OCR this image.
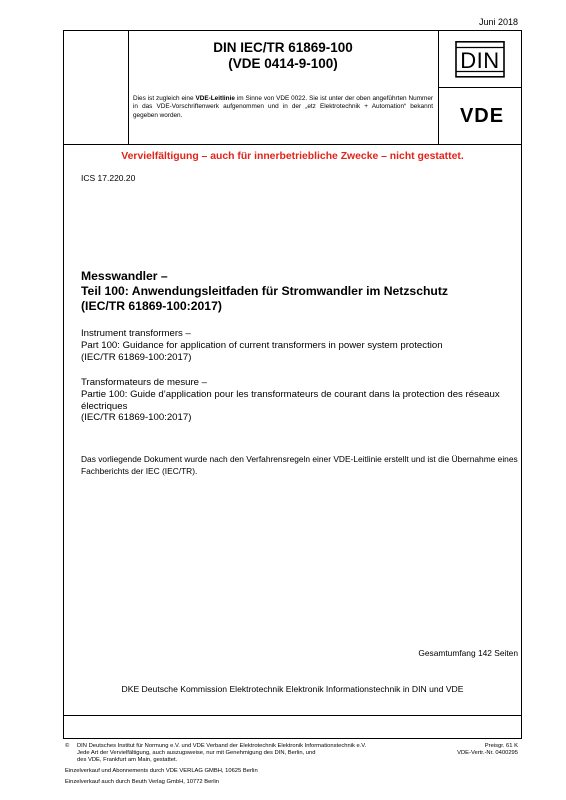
Juni 2018
DIN IEC/TR 61869-100
(VDE 0414-9-100)	DIN
VDE
Dies ist zugleich eine VDE-Leitlinie im Sinne von VDE 0022. Sie ist unter der oben angeführten Nummer in das VDE-Vorschriftenwerk aufgenommen und in der „etz Elektrotechnik + Automation“ bekannt gegeben worden.
Vervielfältigung – auch für innerbetriebliche Zwecke – nicht gestattet.
ICS 17.220.20
Messwandler –
Teil 100: Anwendungsleitfaden für Stromwandler im Netzschutz
(IEC/TR 61869-100:2017)
Instrument transformers –
Part 100: Guidance for application of current transformers in power system protection
(IEC/TR 61869-100:2017)
Transformateurs de mesure –
Partie 100: Guide d’application pour les transformateurs de courant dans la protection des réseaux électriques
(IEC/TR 61869-100:2017)
Das vorliegende Dokument wurde nach den Verfahrensregeln einer VDE-Leitlinie erstellt und ist die Übernahme eines Fachberichts der IEC (IEC/TR).
Gesamtumfang 142 Seiten
DKE Deutsche Kommission Elektrotechnik Elektronik Informationstechnik in DIN und VDE
© DIN Deutsches Institut für Normung e.V. und VDE Verband der Elektrotechnik Elektronik Informationstechnik e.V.
Jede Art der Vervielfältigung, auch auszugsweise, nur mit Genehmigung des DIN, Berlin, und
des VDE, Frankfurt am Main, gestattet.
Preisgr. 61 K
VDE-Vertr.-Nr. 0400295
Einzelverkauf und Abonnements durch VDE VERLAG GMBH, 10625 Berlin
Einzelverkauf auch durch Beuth Verlag GmbH, 10772 Berlin
